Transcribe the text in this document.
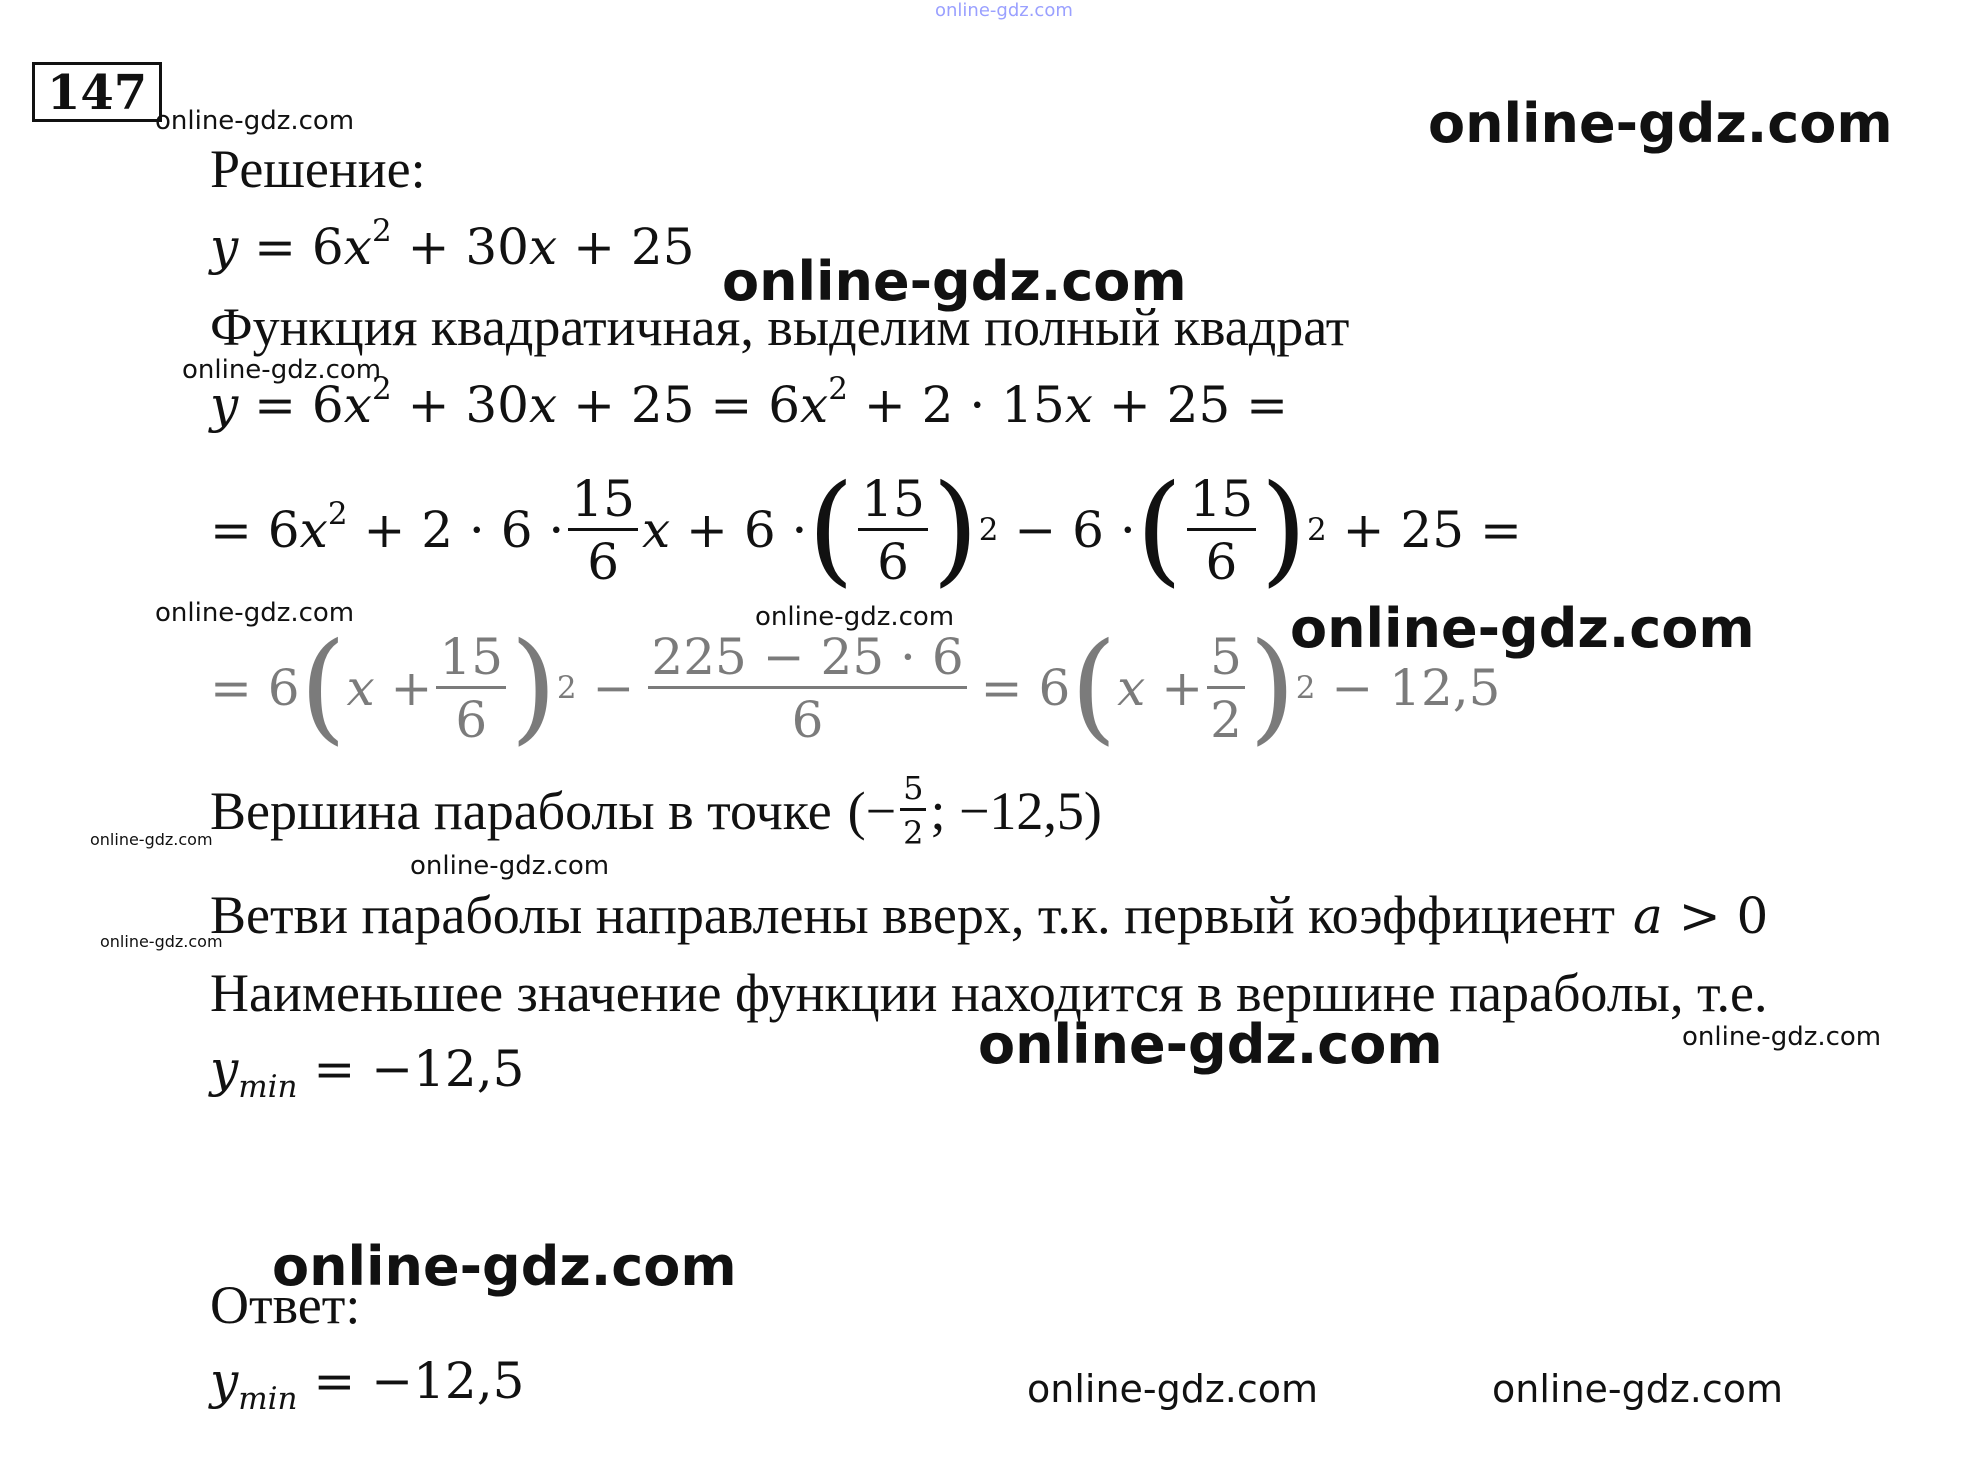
online-gdz.com
online-gdz.com	online-gdz.com
online-gdz.com
online-gdz.com
online-gdz.com	online-gdz.com	online-gdz.com
online-gdz.com
online-gdz.com
online-gdz.com
online-gdz.com	online-gdz.com
online-gdz.com
online-gdz.com	online-gdz.com
147
Решение:
$y = 6x^2 + 30x + 25$
Функция квадратичная, выделим полный квадрат
$y = 6x^2 + 30x + 25 = 6x^2 + 2 \cdot 15x + 25$ =
= $6x^2 + 2 \cdot 6 \cdot \frac{15}{6}$ x + 6 · ( $\frac{15}{6}$ ) 2 − 6 · ( $\frac{15}{6}$ ) 2 + 25 =
= 6 ( $x + \frac{15}{6}$ ) $2 - \frac{225 - 25 \cdot 6}{6} = 6$ ( $x + \frac{5}{2}$ ) 2 − 12,5
Вершина параболы в точке (− $\frac{5}{2}$ ; −12,5)
Ветви параболы направлены вверх, т.к. первый коэффициент a > 0
Наименьшее значение функции находится в вершине параболы, т.е.
$y_{min} = -12,5$
Ответ:
$y_{min} = -12,5$
